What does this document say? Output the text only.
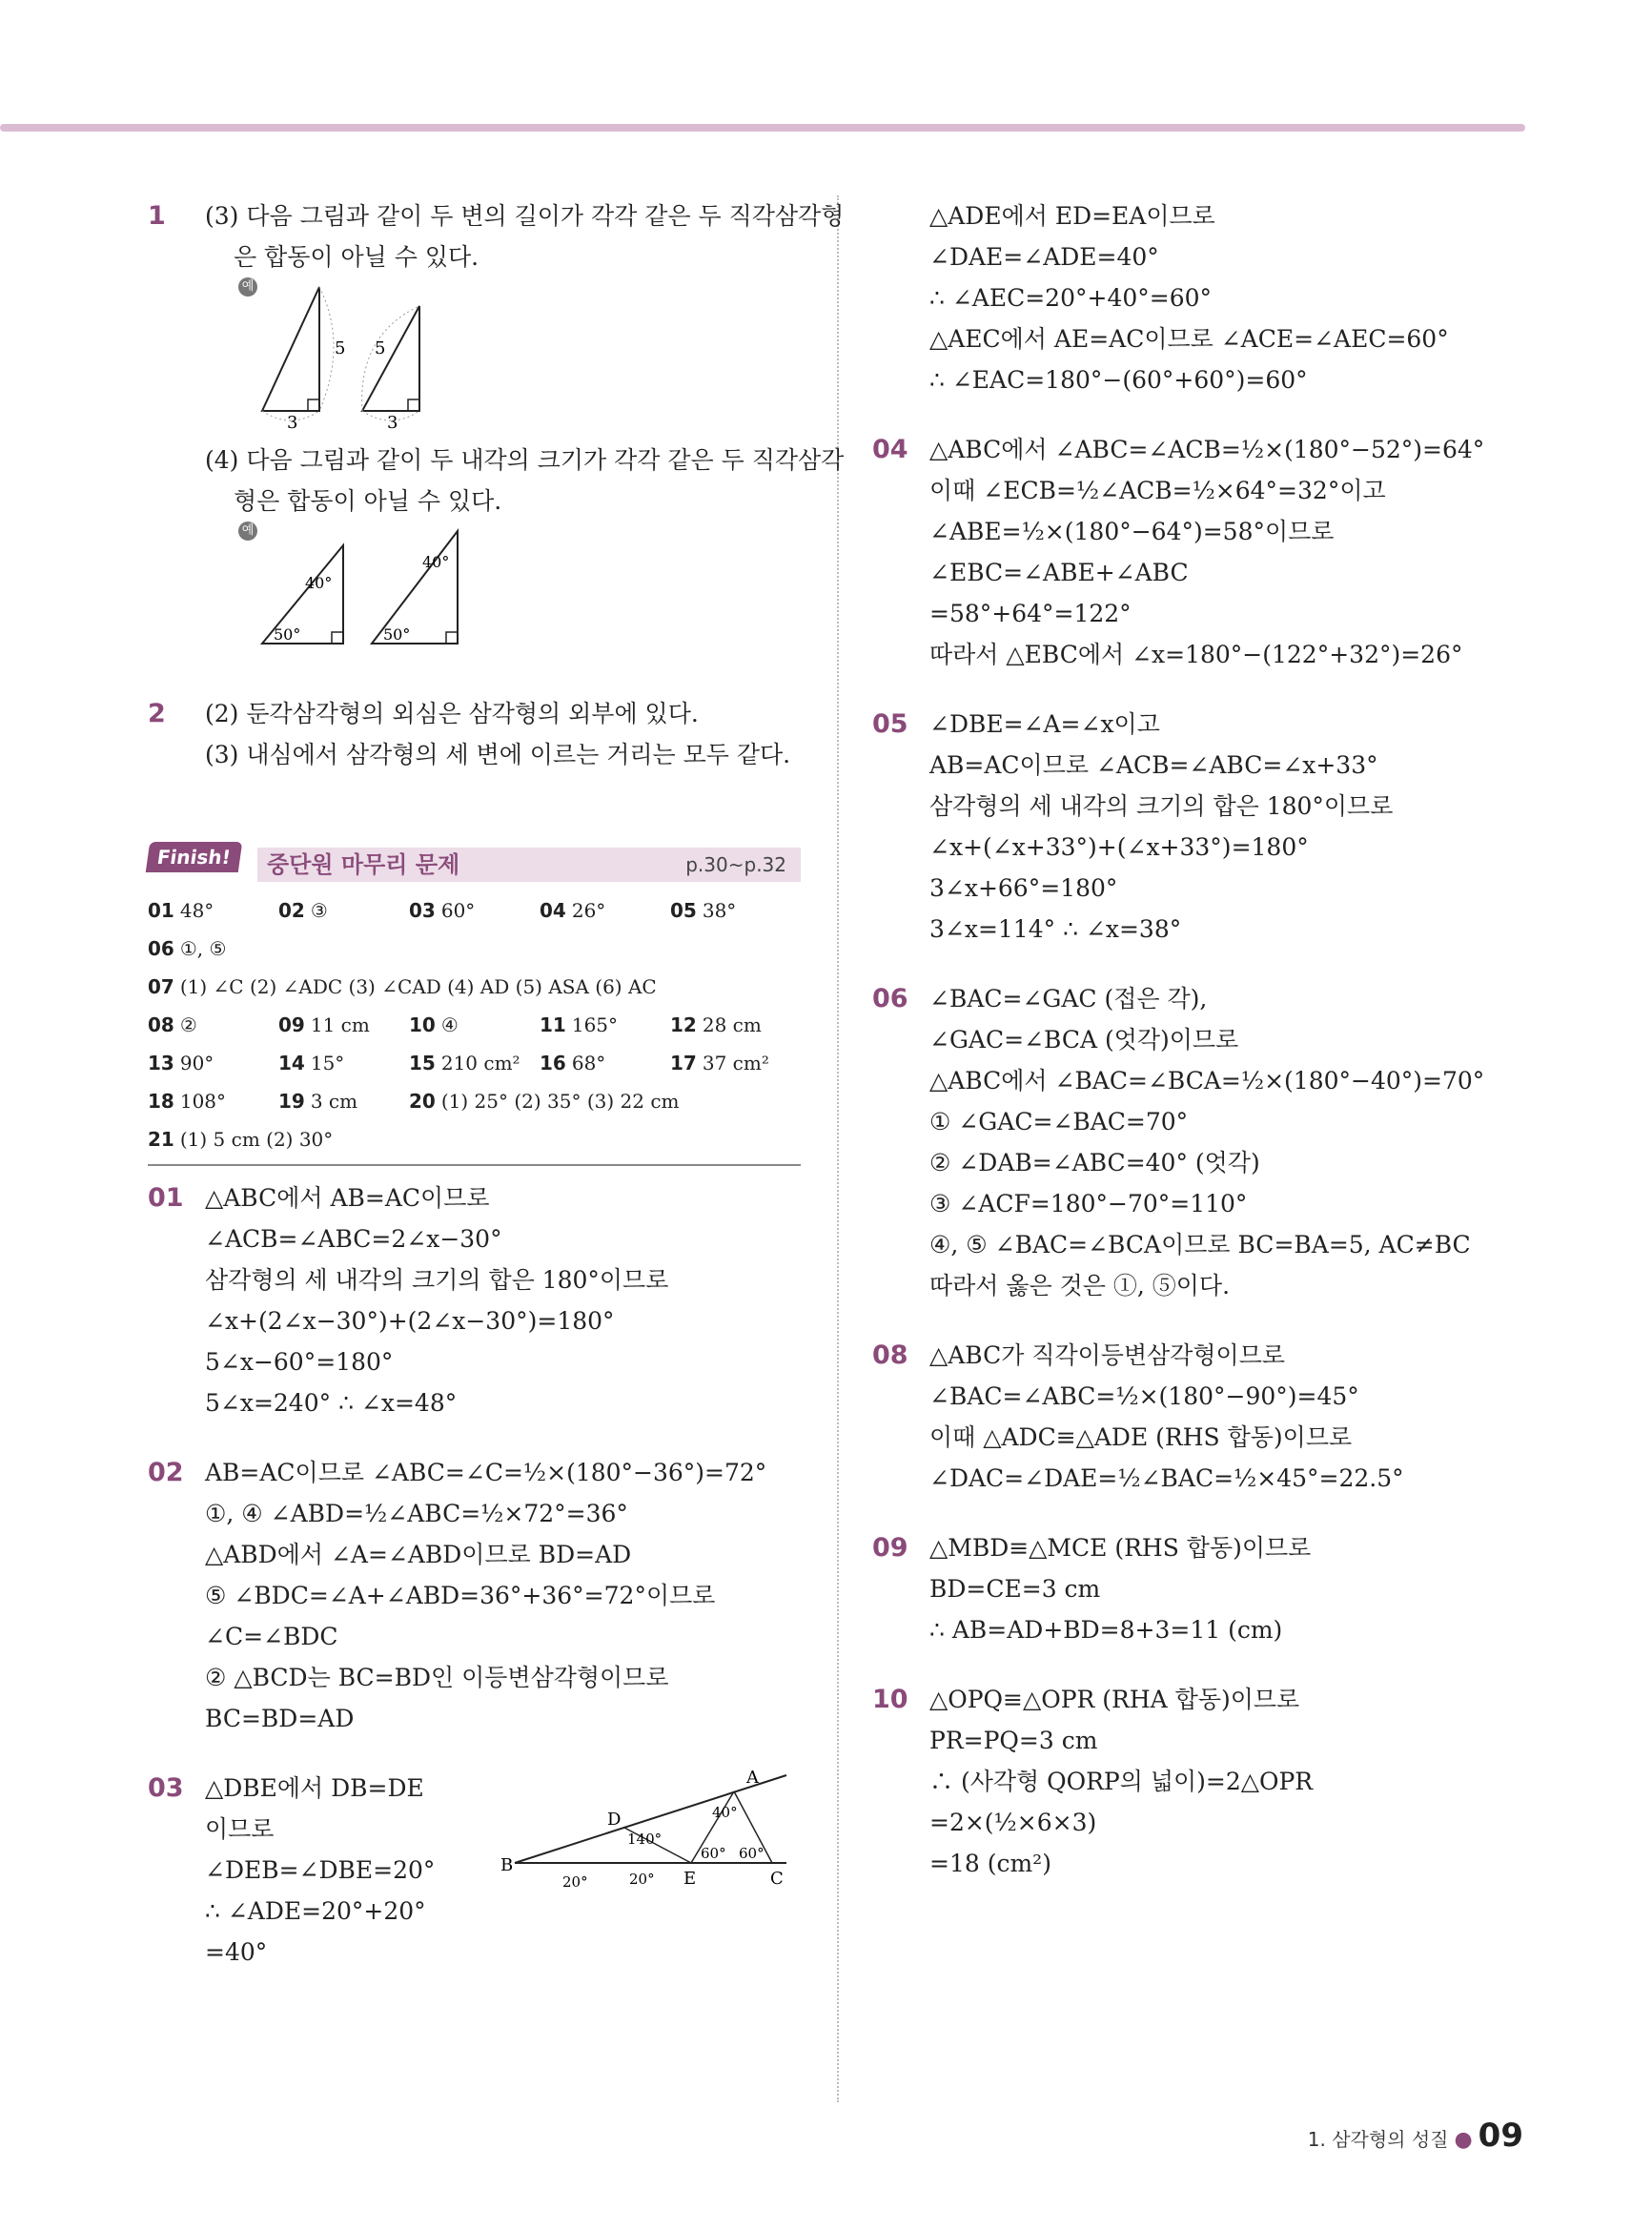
1 (3) 다음 그림과 같이 두 변의 길이가 각각 같은 두 직각삼각형
은 합동이 아닐 수 있다.
예
5
3
5
3
(4) 다음 그림과 같이 두 내각의 크기가 각각 같은 두 직각삼각
형은 합동이 아닐 수 있다.
예
40°
50°
40°
50°
2 (2) 둔각삼각형의 외심은 삼각형의 외부에 있다.
(3) 내심에서 삼각형의 세 변에 이르는 거리는 모두 같다.
Finish!	중단원 마무리 문제	p.30~p.32
01 48°	02 ③	03 60°	04 26°	05 38°
06 ①, ⑤
07 (1) ∠C (2) ∠ADC (3) ∠CAD (4) AD (5) ASA (6) AC
08 ②	09 11 cm	10 ④	11 165°	12 28 cm
13 90°	14 15°	15 210 cm²	16 68°	17 37 cm²
18 108°	19 3 cm	20 (1) 25° (2) 35° (3) 22 cm
21 (1) 5 cm (2) 30°
01 △ABC에서 AB=AC이므로
∠ACB=∠ABC=2∠x−30°
삼각형의 세 내각의 크기의 합은 180°이므로
∠x+(2∠x−30°)+(2∠x−30°)=180°
5∠x−60°=180°
5∠x=240° ∴ ∠x=48°
02 AB=AC이므로 ∠ABC=∠C=½×(180°−36°)=72°
①, ④ ∠ABD=½∠ABC=½×72°=36°
△ABD에서 ∠A=∠ABD이므로 BD=AD
⑤ ∠BDC=∠A+∠ABD=36°+36°=72°이므로
∠C=∠BDC
② △BCD는 BC=BD인 이등변삼각형이므로
BC=BD=AD
03 △DBE에서 DB=DE
이므로
∠DEB=∠DBE=20°
∴ ∠ADE=20°+20°
=40°
A
B
C
D
E
140°
40°
60° 60°
20°	20°
△ADE에서 ED=EA이므로
∠DAE=∠ADE=40°
∴ ∠AEC=20°+40°=60°
△AEC에서 AE=AC이므로 ∠ACE=∠AEC=60°
∴ ∠EAC=180°−(60°+60°)=60°
04 △ABC에서 ∠ABC=∠ACB=½×(180°−52°)=64°
이때 ∠ECB=½∠ACB=½×64°=32°이고
∠ABE=½×(180°−64°)=58°이므로
∠EBC=∠ABE+∠ABC
=58°+64°=122°
따라서 △EBC에서 ∠x=180°−(122°+32°)=26°
05 ∠DBE=∠A=∠x이고
AB=AC이므로 ∠ACB=∠ABC=∠x+33°
삼각형의 세 내각의 크기의 합은 180°이므로
∠x+(∠x+33°)+(∠x+33°)=180°
3∠x+66°=180°
3∠x=114° ∴ ∠x=38°
06 ∠BAC=∠GAC (접은 각),
∠GAC=∠BCA (엇각)이므로
△ABC에서 ∠BAC=∠BCA=½×(180°−40°)=70°
① ∠GAC=∠BAC=70°
② ∠DAB=∠ABC=40° (엇각)
③ ∠ACF=180°−70°=110°
④, ⑤ ∠BAC=∠BCA이므로 BC=BA=5, AC≠BC
따라서 옳은 것은 ①, ⑤이다.
08 △ABC가 직각이등변삼각형이므로
∠BAC=∠ABC=½×(180°−90°)=45°
이때 △ADC≡△ADE (RHS 합동)이므로
∠DAC=∠DAE=½∠BAC=½×45°=22.5°
09 △MBD≡△MCE (RHS 합동)이므로
BD=CE=3 cm
∴ AB=AD+BD=8+3=11 (cm)
10 △OPQ≡△OPR (RHA 합동)이므로
PR=PQ=3 cm
∴ (사각형 QORP의 넓이)=2△OPR
=2×(½×6×3)
=18 (cm²)
1. 삼각형의 성질 ● 09
